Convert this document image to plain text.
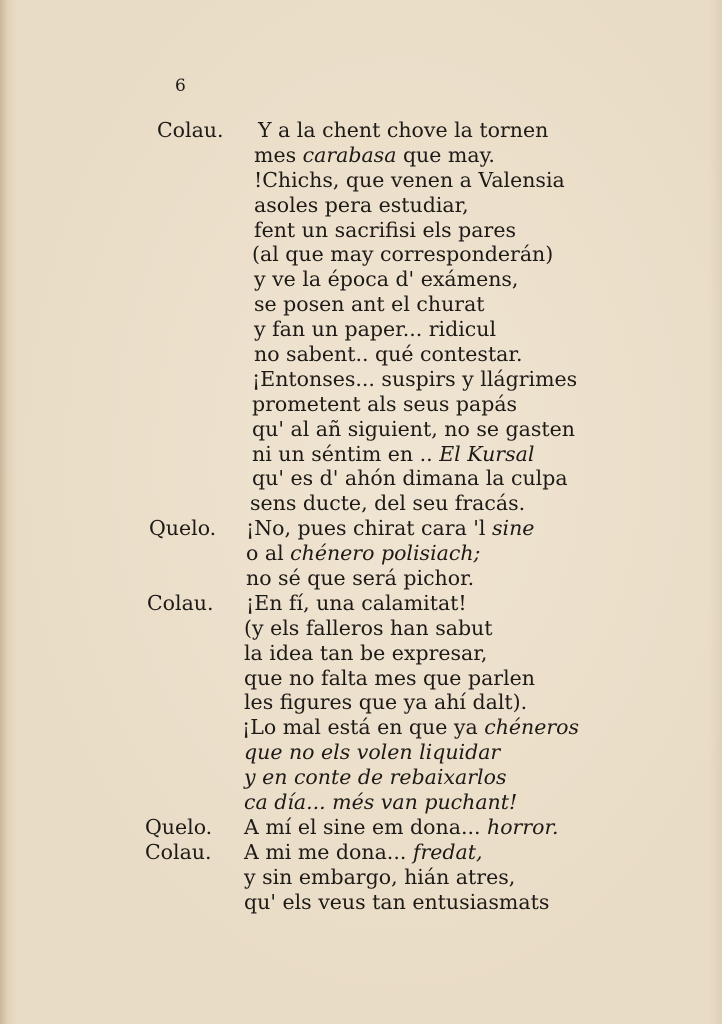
6
Colau. Y a la chent chove la tornen
mes carabasa que may.
!Chichs, que venen a Valensia
asoles pera estudiar,
fent un sacrifisi els pares
(al que may corresponderán)
y ve la época d' exámens,
se posen ant el churat
y fan un paper... ridicul
no sabent.. qué contestar.
¡Entonses... suspirs y llágrimes
prometent als seus papás
qu' al añ siguient, no se gasten
ni un séntim en .. El Kursal
qu' es d' ahón dimana la culpa
sens ducte, del seu fracás.
Quelo. ¡No, pues chirat cara 'l sine
o al chénero polisiach;
no sé que será pichor.
Colau. ¡En fí, una calamitat!
(y els falleros han sabut
la idea tan be expresar,
que no falta mes que parlen
les figures que ya ahí dalt).
¡Lo mal está en que ya chéneros
que no els volen liquidar
y en conte de rebaixarlos
ca día... més van puchant!
Quelo. A mí el sine em dona... horror.
Colau. A mi me dona... fredat,
y sin embargo, hián atres,
qu' els veus tan entusiasmats
